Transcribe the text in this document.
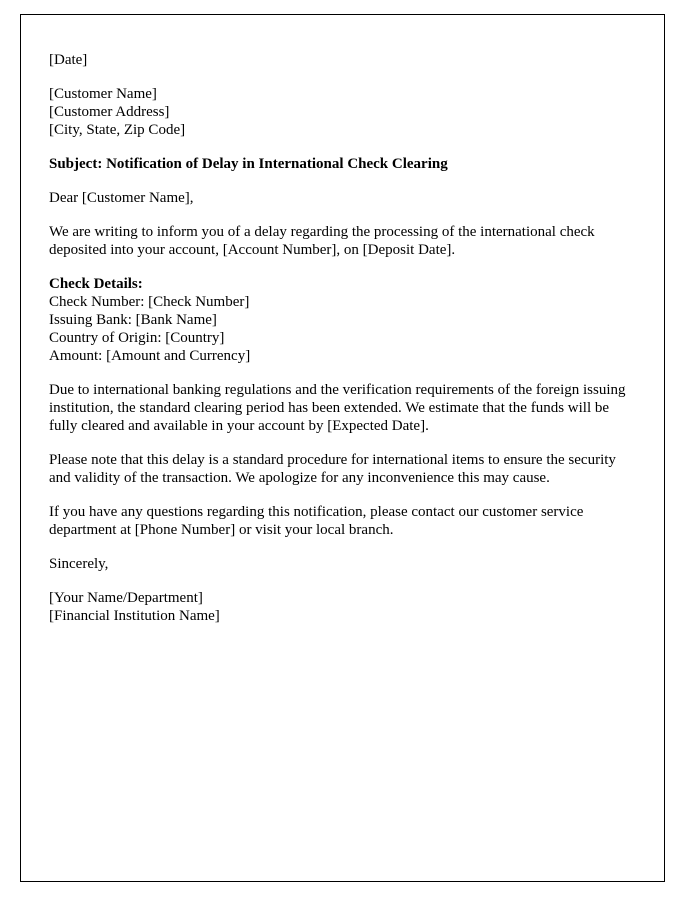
[Date]

[Customer Name]
[Customer Address]
[City, State, Zip Code]

Subject: Notification of Delay in International Check Clearing

Dear [Customer Name],

We are writing to inform you of a delay regarding the processing of the international check deposited into your account, [Account Number], on [Deposit Date].

Check Details:
Check Number: [Check Number]
Issuing Bank: [Bank Name]
Country of Origin: [Country]
Amount: [Amount and Currency]

Due to international banking regulations and the verification requirements of the foreign issuing institution, the standard clearing period has been extended. We estimate that the funds will be fully cleared and available in your account by [Expected Date].

Please note that this delay is a standard procedure for international items to ensure the security and validity of the transaction. We apologize for any inconvenience this may cause.

If you have any questions regarding this notification, please contact our customer service department at [Phone Number] or visit your local branch.

Sincerely,

[Your Name/Department]
[Financial Institution Name]
